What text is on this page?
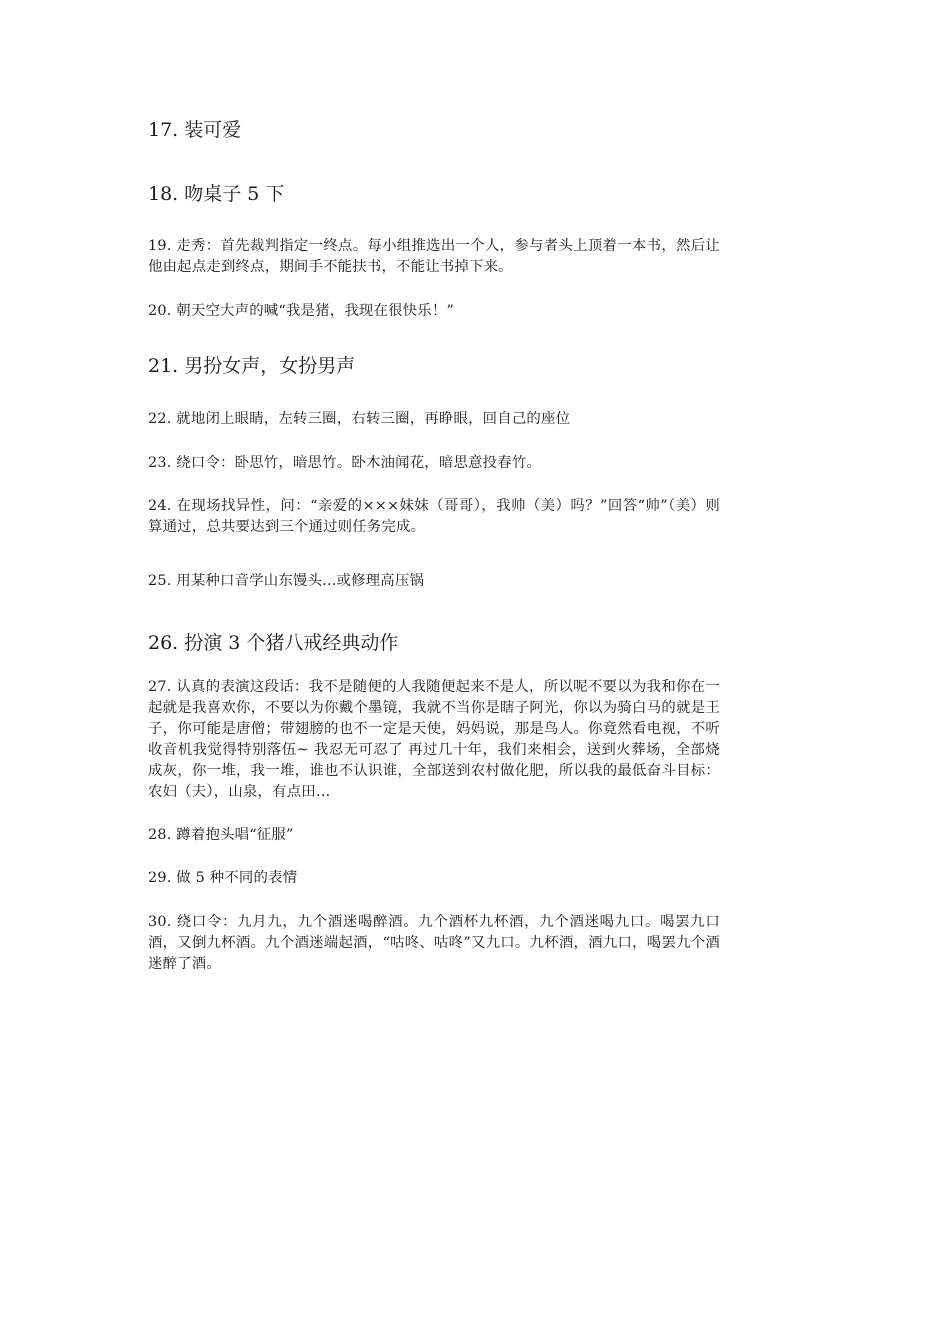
17. 装可爱

18. 吻桌子 5 下

19. 走秀：首先裁判指定一终点。每小组推选出一个人，参与者头上顶着一本书，然后让他由起点走到终点，期间手不能扶书，不能让书掉下来。

20. 朝天空大声的喊“我是猪，我现在很快乐！”

21. 男扮女声，女扮男声

22. 就地闭上眼睛，左转三圈，右转三圈，再睁眼，回自己的座位

23. 绕口令：卧思竹，暗思竹。卧木油闻花，暗思意投春竹。

24. 在现场找异性，问：“亲爱的×××妹妹（哥哥），我帅（美）吗？”回答“帅”（美）则算通过，总共要达到三个通过则任务完成。

25. 用某种口音学山东馒头...或修理高压锅

26. 扮演 3 个猪八戒经典动作

27. 认真的表演这段话：我不是随便的人我随便起来不是人，所以呢不要以为我和你在一起就是我喜欢你，不要以为你戴个墨镜，我就不当你是瞎子阿光，你以为骑白马的就是王子，你可能是唐僧；带翅膀的也不一定是天使，妈妈说，那是鸟人。你竟然看电视，不听收音机我觉得特别落伍~ 我忍无可忍了 再过几十年，我们来相会，送到火葬场，全部烧成灰，你一堆，我一堆，谁也不认识谁，全部送到农村做化肥，所以我的最低奋斗目标：农妇（夫），山泉，有点田…

28. 蹲着抱头唱“征服”

29. 做 5 种不同的表情

30. 绕口令：九月九，九个酒迷喝醉酒。九个酒杯九杯酒，九个酒迷喝九口。喝罢九口酒，又倒九杯酒。九个酒迷端起酒，“咕咚、咕咚”又九口。九杯酒，酒九口，喝罢九个酒迷醉了酒。
